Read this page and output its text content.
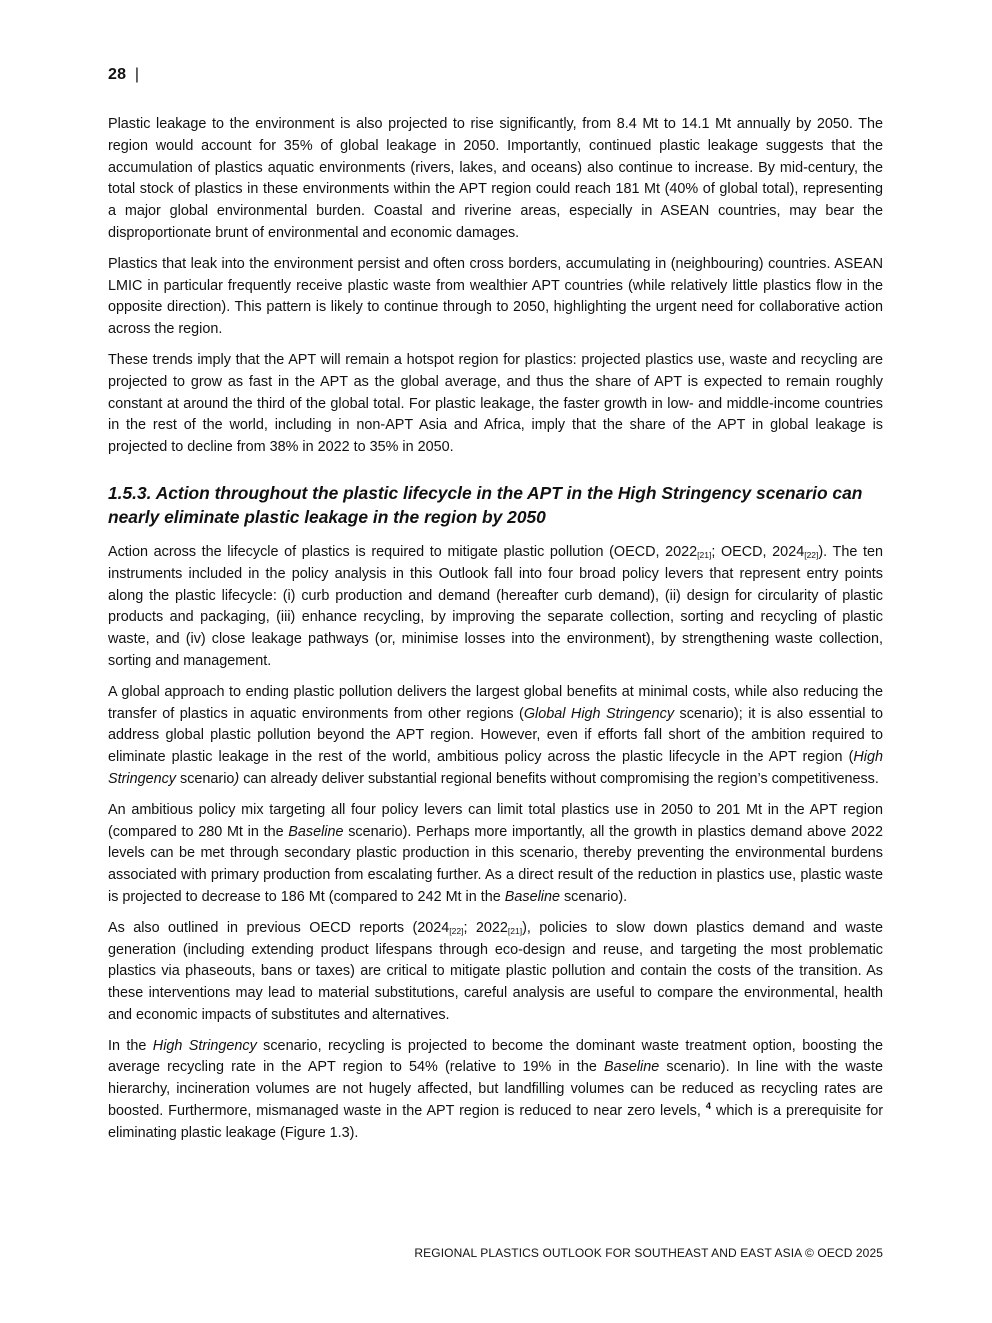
28 |

Plastic leakage to the environment is also projected to rise significantly, from 8.4 Mt to 14.1 Mt annually by 2050. The region would account for 35% of global leakage in 2050. Importantly, continued plastic leakage suggests that the accumulation of plastics aquatic environments (rivers, lakes, and oceans) also continue to increase. By mid-century, the total stock of plastics in these environments within the APT region could reach 181 Mt (40% of global total), representing a major global environmental burden. Coastal and riverine areas, especially in ASEAN countries, may bear the disproportionate brunt of environmental and economic damages.

Plastics that leak into the environment persist and often cross borders, accumulating in (neighbouring) countries. ASEAN LMIC in particular frequently receive plastic waste from wealthier APT countries (while relatively little plastics flow in the opposite direction). This pattern is likely to continue through to 2050, highlighting the urgent need for collaborative action across the region.

These trends imply that the APT will remain a hotspot region for plastics: projected plastics use, waste and recycling are projected to grow as fast in the APT as the global average, and thus the share of APT is expected to remain roughly constant at around the third of the global total. For plastic leakage, the faster growth in low- and middle-income countries in the rest of the world, including in non-APT Asia and Africa, imply that the share of the APT in global leakage is projected to decline from 38% in 2022 to 35% in 2050.

1.5.3. Action throughout the plastic lifecycle in the APT in the High Stringency scenario can nearly eliminate plastic leakage in the region by 2050

Action across the lifecycle of plastics is required to mitigate plastic pollution (OECD, $2022_{[21]}$; OECD, $2024_{[22]}$). The ten instruments included in the policy analysis in this Outlook fall into four broad policy levers that represent entry points along the plastic lifecycle: (i) curb production and demand (hereafter curb demand), (ii) design for circularity of plastic products and packaging, (iii) enhance recycling, by improving the separate collection, sorting and recycling of plastic waste, and (iv) close leakage pathways (or, minimise losses into the environment), by strengthening waste collection, sorting and management.

A global approach to ending plastic pollution delivers the largest global benefits at minimal costs, while also reducing the transfer of plastics in aquatic environments from other regions (Global High Stringency scenario); it is also essential to address global plastic pollution beyond the APT region. However, even if efforts fall short of the ambition required to eliminate plastic leakage in the rest of the world, ambitious policy across the plastic lifecycle in the APT region (High Stringency scenario) can already deliver substantial regional benefits without compromising the region’s competitiveness.

An ambitious policy mix targeting all four policy levers can limit total plastics use in 2050 to 201 Mt in the APT region (compared to 280 Mt in the Baseline scenario). Perhaps more importantly, all the growth in plastics demand above 2022 levels can be met through secondary plastic production in this scenario, thereby preventing the environmental burdens associated with primary production from escalating further. As a direct result of the reduction in plastics use, plastic waste is projected to decrease to 186 Mt (compared to 242 Mt in the Baseline scenario).

As also outlined in previous OECD reports ($2024_{[22]}$; $2022_{[21]}$), policies to slow down plastics demand and waste generation (including extending product lifespans through eco-design and reuse, and targeting the most problematic plastics via phaseouts, bans or taxes) are critical to mitigate plastic pollution and contain the costs of the transition. As these interventions may lead to material substitutions, careful analysis are useful to compare the environmental, health and economic impacts of substitutes and alternatives.

In the High Stringency scenario, recycling is projected to become the dominant waste treatment option, boosting the average recycling rate in the APT region to 54% (relative to 19% in the Baseline scenario). In line with the waste hierarchy, incineration volumes are not hugely affected, but landfilling volumes can be reduced as recycling rates are boosted. Furthermore, mismanaged waste in the APT region is reduced to near zero levels, $^4$ which is a prerequisite for eliminating plastic leakage (Figure 1.3).

REGIONAL PLASTICS OUTLOOK FOR SOUTHEAST AND EAST ASIA © OECD 2025
